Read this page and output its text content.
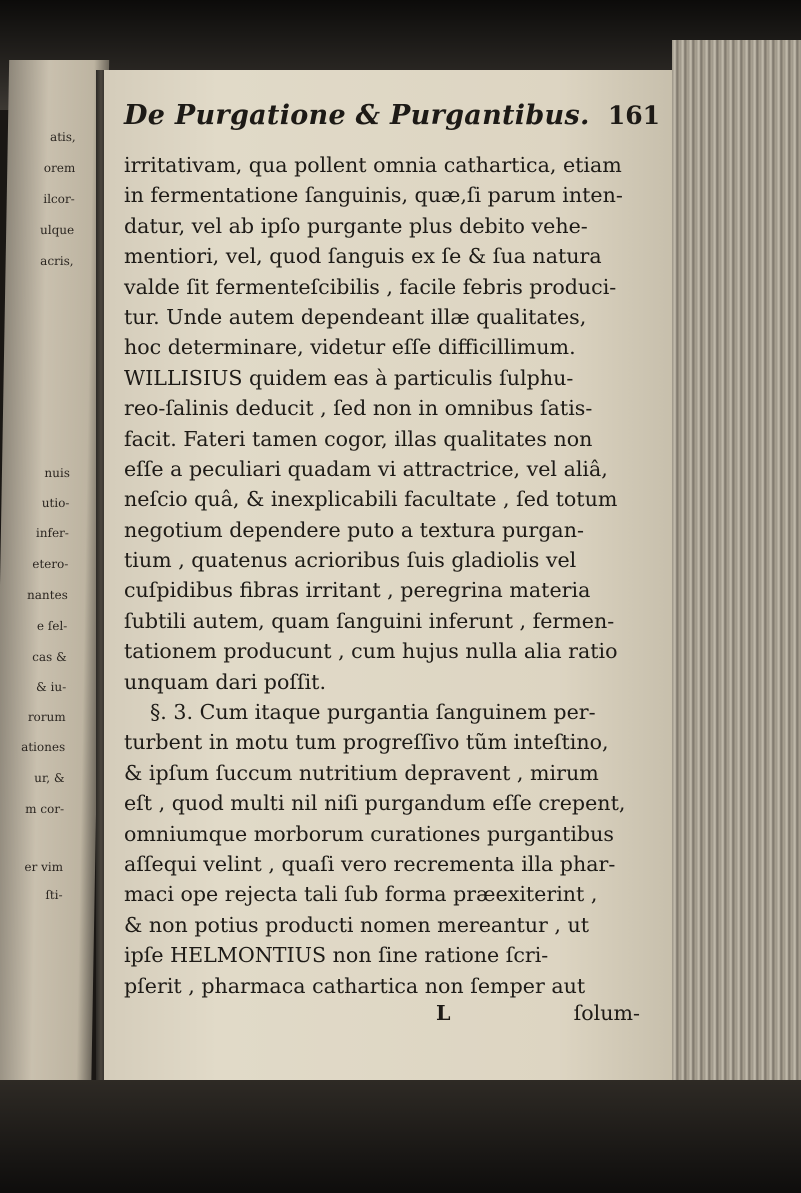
atis,
orem
ilcor-
ulque
acris,
nuis
utio-
infer-
etero-
nantes
e ſel-
cas &
& iu-
rorum
ationes
ur, &
m cor-
er vim
ſti-
De Purgatione & Purgantibus. 161
irritativam, qua pollent omnia cathartica, etiam
in fermentatione ſanguinis, quæ,ſi parum inten-
datur, vel ab ipſo purgante plus debito vehe-
mentiori, vel, quod ſanguis ex ſe & ſua natura
valde ſit fermenteſcibilis , facile febris produci-
tur. Unde autem dependeant illæ qualitates,
hoc determinare, videtur eſſe difficillimum.
WILLISIUS quidem eas à particulis ſulphu-
reo-ſalinis deducit , ſed non in omnibus ſatis-
facit. Fateri tamen cogor, illas qualitates non
eſſe a peculiari quadam vi attractrice, vel aliâ,
neſcio quâ, & inexplicabili facultate , ſed totum
negotium dependere puto a textura purgan-
tium , quatenus acrioribus ſuis gladiolis vel
cuſpidibus fibras irritant , peregrina materia
ſubtili autem, quam ſanguini inferunt , fermen-
tationem producunt , cum hujus nulla alia ratio
unquam dari poſſit.
§. 3. Cum itaque purgantia ſanguinem per-
turbent in motu tum progreſſivo tũm inteſtino,
& ipſum ſuccum nutritium depravent , mirum
eſt , quod multi nil niſi purgandum eſſe crepent,
omniumque morborum curationes purgantibus
aſſequi velint , quaſi vero recrementa illa phar-
maci ope rejecta tali ſub forma præexiterint ,
& non potius producti nomen mereantur , ut
ipſe HELMONTIUS non ſine ratione ſcri-
pſerit , pharmaca cathartica non ſemper aut
L	ſolum-
